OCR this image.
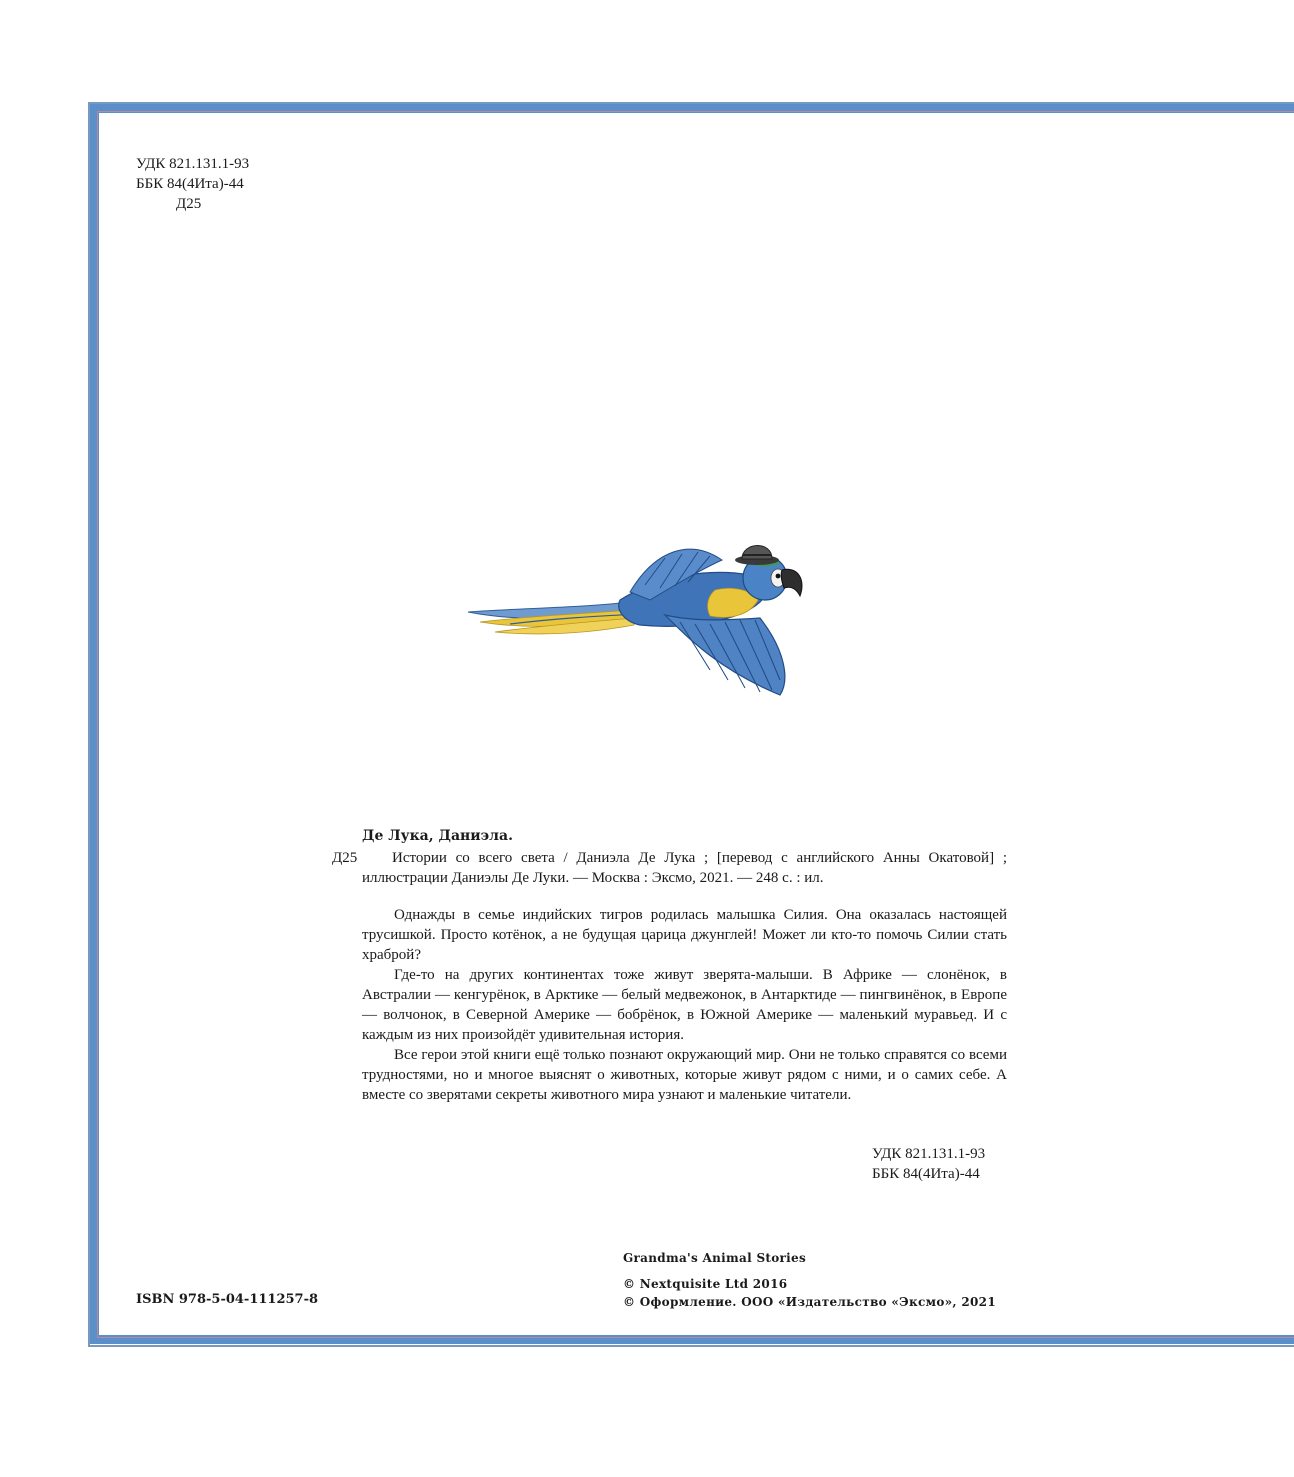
УДК 821.131.1-93
ББК 84(4Ита)-44
Д25
Де Лука, Даниэла.
Д25	Истории со всего света / Даниэла Де Лука ; [перевод с английского Анны Окатовой] ; иллюстрации Даниэлы Де Луки. — Москва : Эксмо, 2021. — 248 с. : ил.

Однажды в семье индийских тигров родилась малышка Силия. Она оказалась настоящей трусишкой. Просто котёнок, а не будущая царица джунглей! Может ли кто-то помочь Силии стать храброй?

Где-то на других континентах тоже живут зверята-малыши. В Африке — слонёнок, в Австралии — кенгурёнок, в Арктике — белый медвежонок, в Антарктиде — пингвинёнок, в Европе — волчонок, в Северной Америке — бобрёнок, в Южной Америке — маленький муравьед. И с каждым из них произойдёт удивительная история.

Все герои этой книги ещё только познают окружающий мир. Они не только справятся со всеми трудностями, но и многое выяснят о животных, которые живут рядом с ними, и о самих себе. А вместе со зверятами секреты животного мира узнают и маленькие читатели.

УДК 821.131.1-93
ББК 84(4Ита)-44
ISBN 978-5-04-111257-8
Grandma's Animal Stories
© Nextquisite Ltd 2016
© Оформление. ООО «Издательство «Эксмо», 2021
